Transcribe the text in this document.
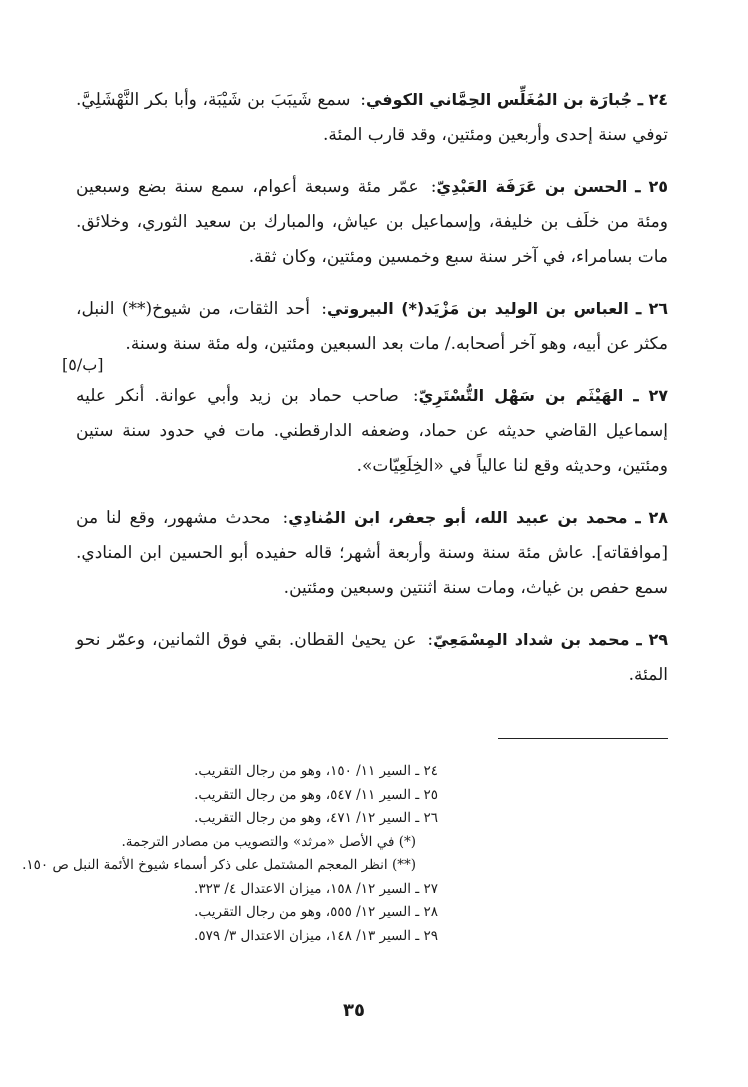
٢٤ ـ جُبارَة بن المُغَلِّس الحِمَّاني الكوفي: سمع شَيبَبَ بن شَيْبَة، وأبا بكر النَّهْشَلِيَّ. توفي سنة إحدى وأربعين ومئتين، وقد قارب المئة.

٢٥ ـ الحسن بن عَرَفَة العَبْدِيّ: عمّر مئة وسبعة أعوام، سمع سنة بضع وسبعين ومئة من خلَف بن خليفة، وإسماعيل بن عياش، والمبارك بن سعيد الثوري، وخلائق. مات بسامراء، في آخر سنة سبع وخمسين ومئتين، وكان ثقة.

٢٦ ـ العباس بن الوليد بن مَزْيَد(*) البيروتي: أحد الثقات، من شيوخ(**) النبل، مكثر عن أبيه، وهو آخر أصحابه./ مات بعد السبعين ومئتين، وله مئة سنة وسنة.

٢٧ ـ الهَيْثَم بن سَهْل التُّسْتَرِيّ: صاحب حماد بن زيد وأبي عوانة. أنكر عليه إسماعيل القاضي حديثه عن حماد، وضعفه الدارقطني. مات في حدود سنة ستين ومئتين، وحديثه وقع لنا عالياً في «الخِلَعِيّات».

٢٨ ـ محمد بن عبيد الله، أبو جعفر، ابن المُنادِي: محدث مشهور، وقع لنا من [موافقاته]. عاش مئة سنة وسنة وأربعة أشهر؛ قاله حفيده أبو الحسين ابن المنادي. سمع حفص بن غياث، ومات سنة اثنتين وسبعين ومئتين.

٢٩ ـ محمد بن شداد المِسْمَعِيّ: عن يحيىٰ القطان. بقي فوق الثمانين، وعمّر نحو المئة.

[٥/ب]
٢٤ ـ السير ١١/ ١٥٠، وهو من رجال التقريب.
٢٥ ـ السير ١١/ ٥٤٧، وهو من رجال التقريب.
٢٦ ـ السير ١٢/ ٤٧١، وهو من رجال التقريب.
(*) في الأصل «مرثد» والتصويب من مصادر الترجمة.
(**) انظر المعجم المشتمل على ذكر أسماء شيوخ الأئمة النبل ص ١٥٠.
٢٧ ـ السير ١٢/ ١٥٨، ميزان الاعتدال ٤/ ٣٢٣.
٢٨ ـ السير ١٢/ ٥٥٥، وهو من رجال التقريب.
٢٩ ـ السير ١٣/ ١٤٨، ميزان الاعتدال ٣/ ٥٧٩.
٣٥
